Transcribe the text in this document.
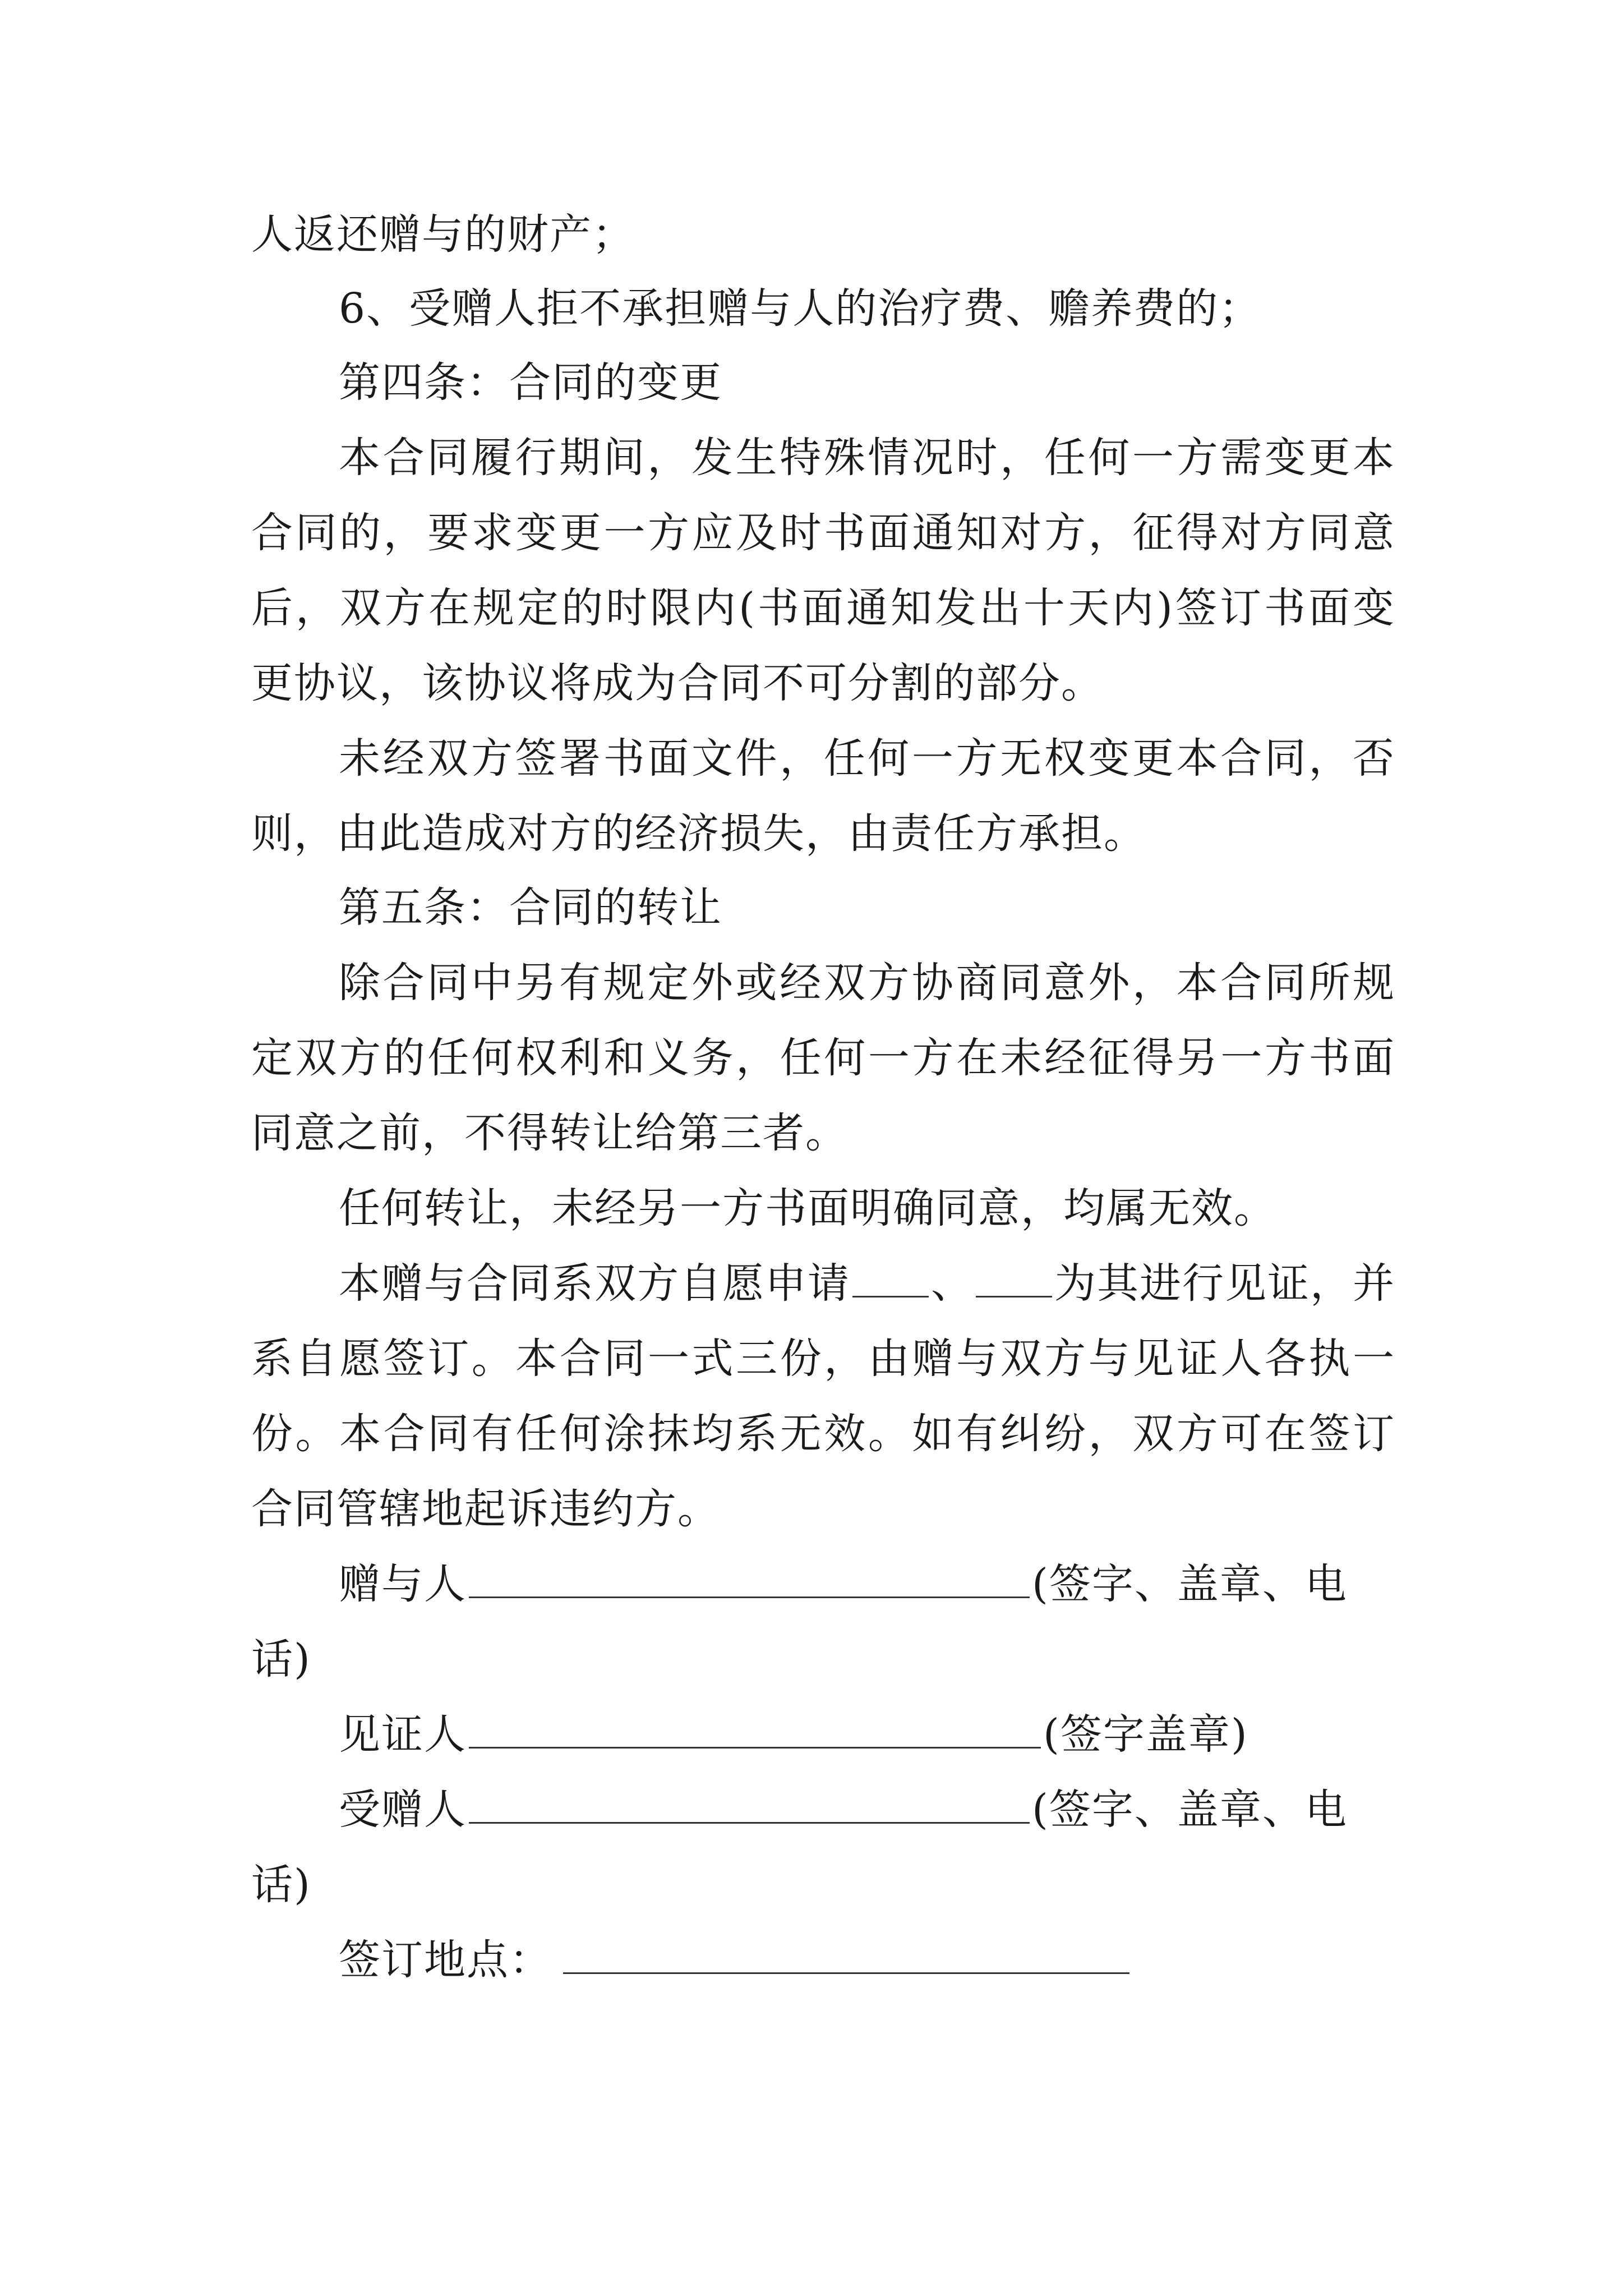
人返还赠与的财产；
6、受赠人拒不承担赠与人的治疗费、赡养费的；
第四条：合同的变更
本合同履行期间，发生特殊情况时，任何一方需变更本
合同的，要求变更一方应及时书面通知对方，征得对方同意
后，双方在规定的时限内(书面通知发出十天内)签订书面变
更协议，该协议将成为合同不可分割的部分。
未经双方签署书面文件，任何一方无权变更本合同，否
则，由此造成对方的经济损失，由责任方承担。
第五条：合同的转让
除合同中另有规定外或经双方协商同意外，本合同所规
定双方的任何权利和义务，任何一方在未经征得另一方书面
同意之前，不得转让给第三者。
任何转让，未经另一方书面明确同意，均属无效。
本赠与合同系双方自愿申请 、 为其进行见证，并
系自愿签订。本合同一式三份，由赠与双方与见证人各执一
份。本合同有任何涂抹均系无效。如有纠纷，双方可在签订
合同管辖地起诉违约方。
赠与人	(签字、盖章、电
话)
见证人	(签字盖章)
受赠人	(签字、盖章、电
话)
签订地点：
